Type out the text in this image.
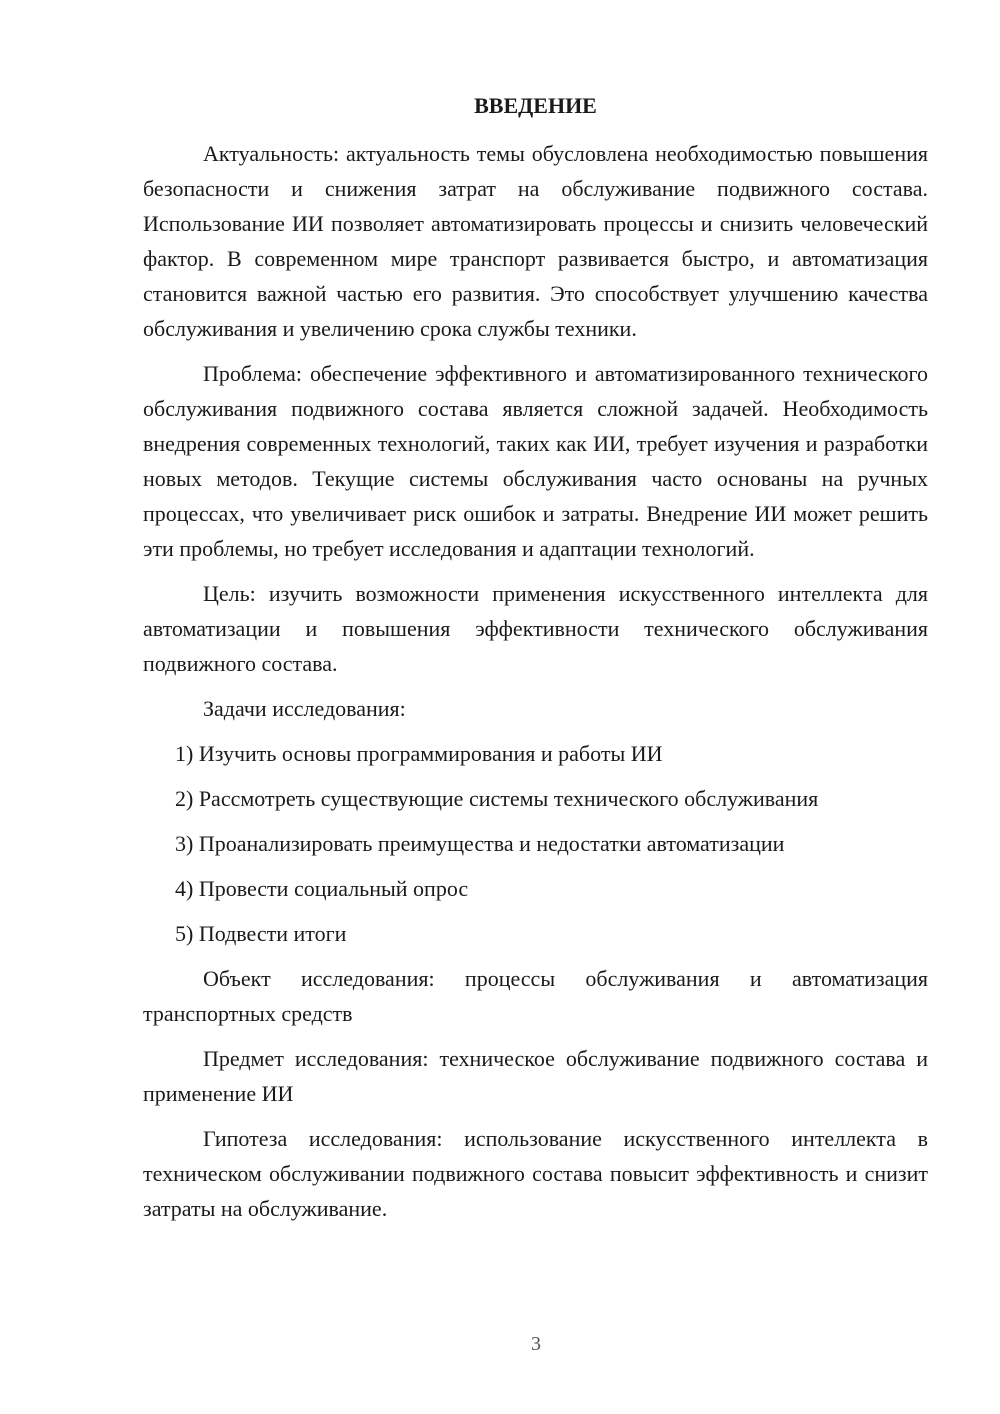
ВВЕДЕНИЕ

Актуальность: актуальность темы обусловлена необходимостью повышения безопасности и снижения затрат на обслуживание подвижного состава. Использование ИИ позволяет автоматизировать процессы и снизить человеческий фактор. В современном мире транспорт развивается быстро, и автоматизация становится важной частью его развития. Это способствует улучшению качества обслуживания и увеличению срока службы техники.

Проблема: обеспечение эффективного и автоматизированного технического обслуживания подвижного состава является сложной задачей. Необходимость внедрения современных технологий, таких как ИИ, требует изучения и разработки новых методов. Текущие системы обслуживания часто основаны на ручных процессах, что увеличивает риск ошибок и затраты. Внедрение ИИ может решить эти проблемы, но требует исследования и адаптации технологий.

Цель: изучить возможности применения искусственного интеллекта для автоматизации и повышения эффективности технического обслуживания подвижного состава.

Задачи исследования:

1) Изучить основы программирования и работы ИИ
2) Рассмотреть существующие системы технического обслуживания
3) Проанализировать преимущества и недостатки автоматизации
4) Провести социальный опрос
5) Подвести итоги

Объект исследования: процессы обслуживания и автоматизация транспортных средств

Предмет исследования: техническое обслуживание подвижного состава и применение ИИ

Гипотеза исследования: использование искусственного интеллекта в техническом обслуживании подвижного состава повысит эффективность и снизит затраты на обслуживание.

3
